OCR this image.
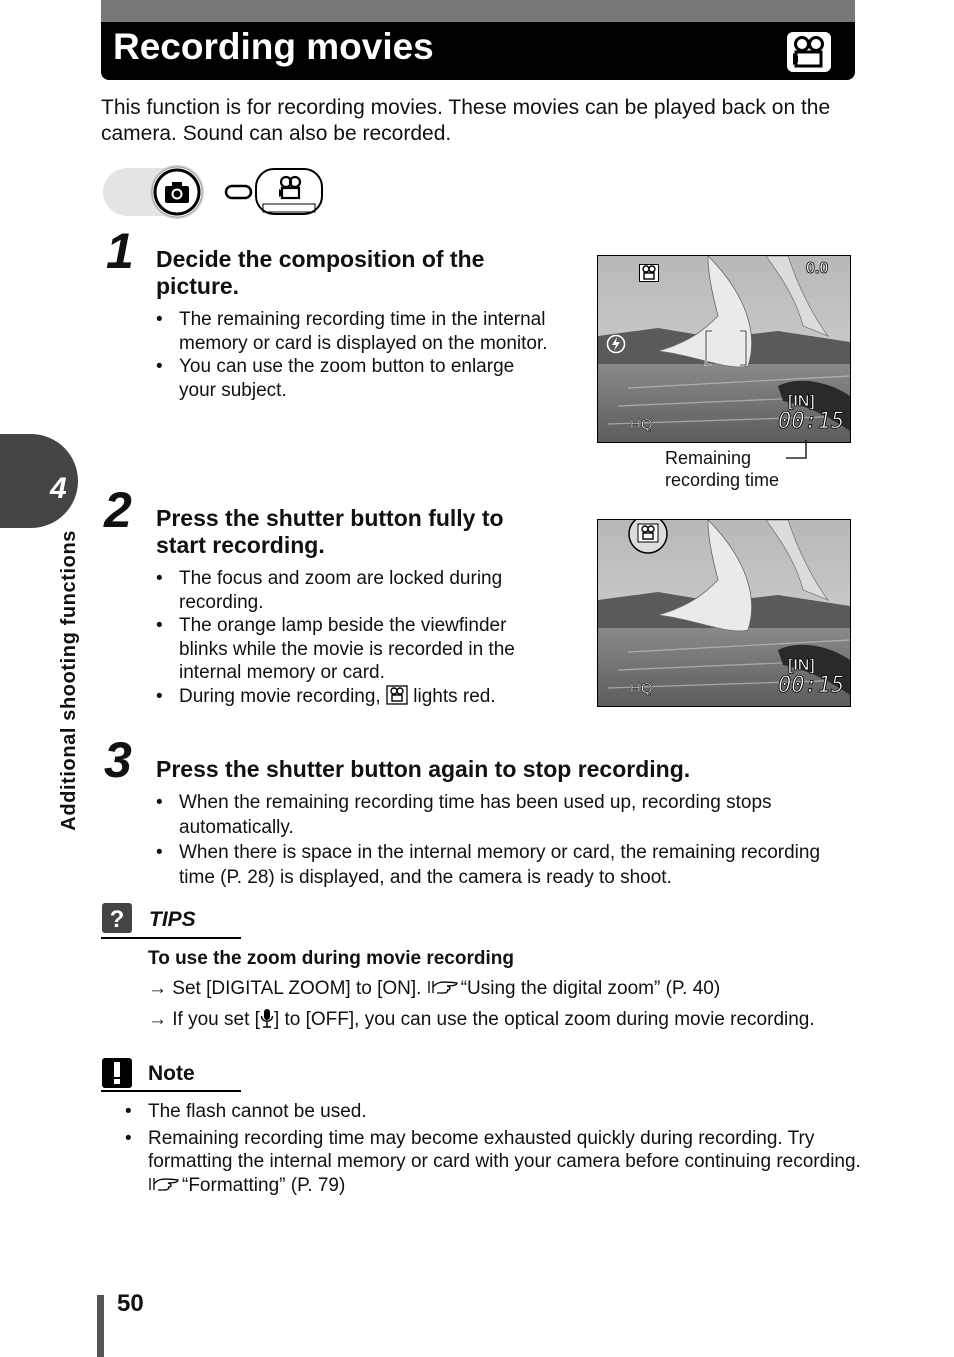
Recording movies
This function is for recording movies. These movies can be played back on the camera. Sound can also be recorded.
4
Additional shooting functions
1 Decide the composition of the picture.
• The remaining recording time in the internal memory or card is displayed on the monitor.
• You can use the zoom button to enlarge your subject.
0.0
HQ
[IN]
00:15
Remaining
recording time
2 Press the shutter button fully to start recording.
• The focus and zoom are locked during recording.
• The orange lamp beside the viewfinder blinks while the movie is recorded in the internal memory or card.
• During movie recording, lights red.	HQ
[IN]
00:15
3 Press the shutter button again to stop recording.
• When the remaining recording time has been used up, recording stops automatically.
• When there is space in the internal memory or card, the remaining recording time (P. 28) is displayed, and the camera is ready to shoot.
? TIPS
To use the zoom during movie recording
→ Set [DIGITAL ZOOM] to [ON]. “Using the digital zoom” (P. 40)
→ If you set [ ] to [OFF], you can use the optical zoom during movie recording.
Note
• The flash cannot be used.
• Remaining recording time may become exhausted quickly during recording. Try formatting the internal memory or card with your camera before continuing recording. “Formatting” (P. 79)
50
